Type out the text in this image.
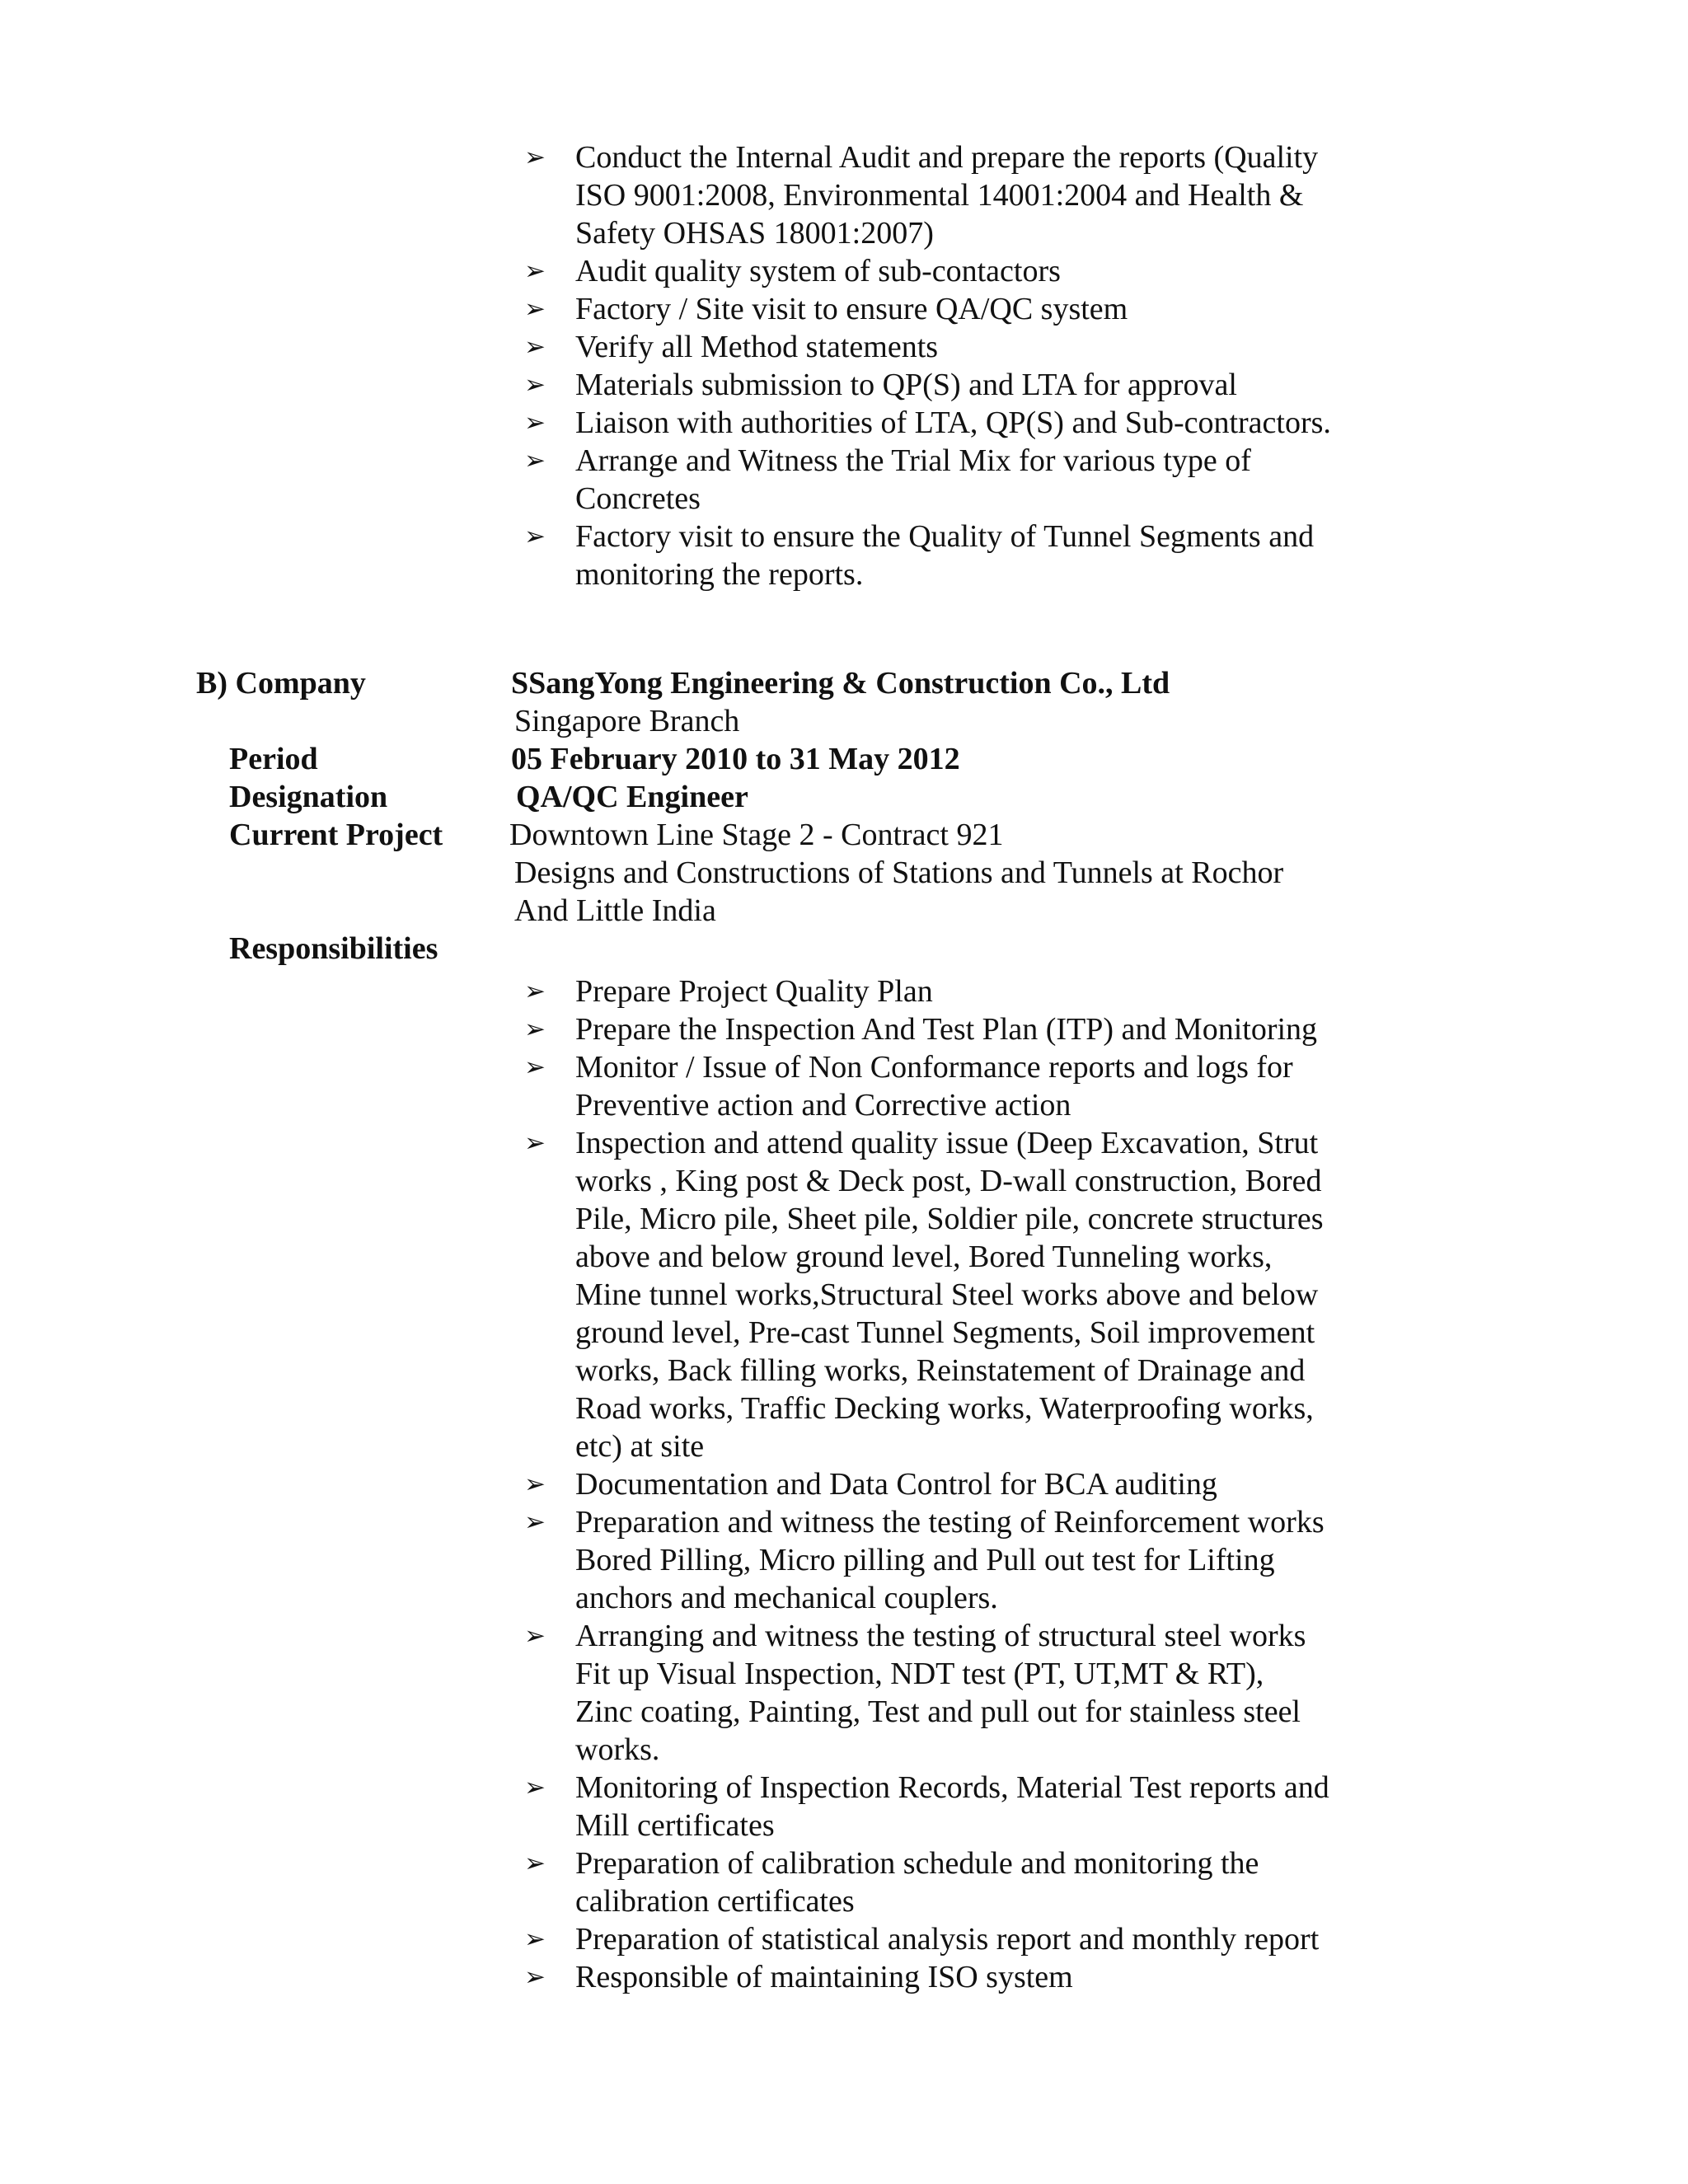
➢ Conduct the Internal Audit and prepare the reports (Quality
ISO 9001:2008, Environmental 14001:2004 and Health &
Safety OHSAS 18001:2007)
➢ Audit quality system of sub-contactors
➢ Factory / Site visit to ensure QA/QC system
➢ Verify all Method statements
➢ Materials submission to QP(S) and LTA for approval
➢ Liaison with authorities of LTA, QP(S) and Sub-contractors.
➢ Arrange and Witness the Trial Mix for various type of
Concretes
➢ Factory visit to ensure the Quality of Tunnel Segments and
monitoring the reports.
B) Company	SSangYong Engineering & Construction Co., Ltd
Singapore Branch
Period	05 February 2010 to 31 May 2012
Designation	QA/QC Engineer
Current Project Downtown Line Stage 2 - Contract 921
Designs and Constructions of Stations and Tunnels at Rochor
And Little India
Responsibilities
➢ Prepare Project Quality Plan
➢ Prepare the Inspection And Test Plan (ITP) and Monitoring
➢ Monitor / Issue of Non Conformance reports and logs for
Preventive action and Corrective action
➢ Inspection and attend quality issue (Deep Excavation, Strut
works , King post & Deck post, D-wall construction, Bored
Pile, Micro pile, Sheet pile, Soldier pile, concrete structures
above and below ground level, Bored Tunneling works,
Mine tunnel works,Structural Steel works above and below
ground level, Pre-cast Tunnel Segments, Soil improvement
works, Back filling works, Reinstatement of Drainage and
Road works, Traffic Decking works, Waterproofing works,
etc) at site
➢ Documentation and Data Control for BCA auditing
➢ Preparation and witness the testing of Reinforcement works
Bored Pilling, Micro pilling and Pull out test for Lifting
anchors and mechanical couplers.
➢ Arranging and witness the testing of structural steel works
Fit up Visual Inspection, NDT test (PT, UT,MT & RT),
Zinc coating, Painting, Test and pull out for stainless steel
works.
➢ Monitoring of Inspection Records, Material Test reports and
Mill certificates
➢ Preparation of calibration schedule and monitoring the
calibration certificates
➢ Preparation of statistical analysis report and monthly report
➢ Responsible of maintaining ISO system
